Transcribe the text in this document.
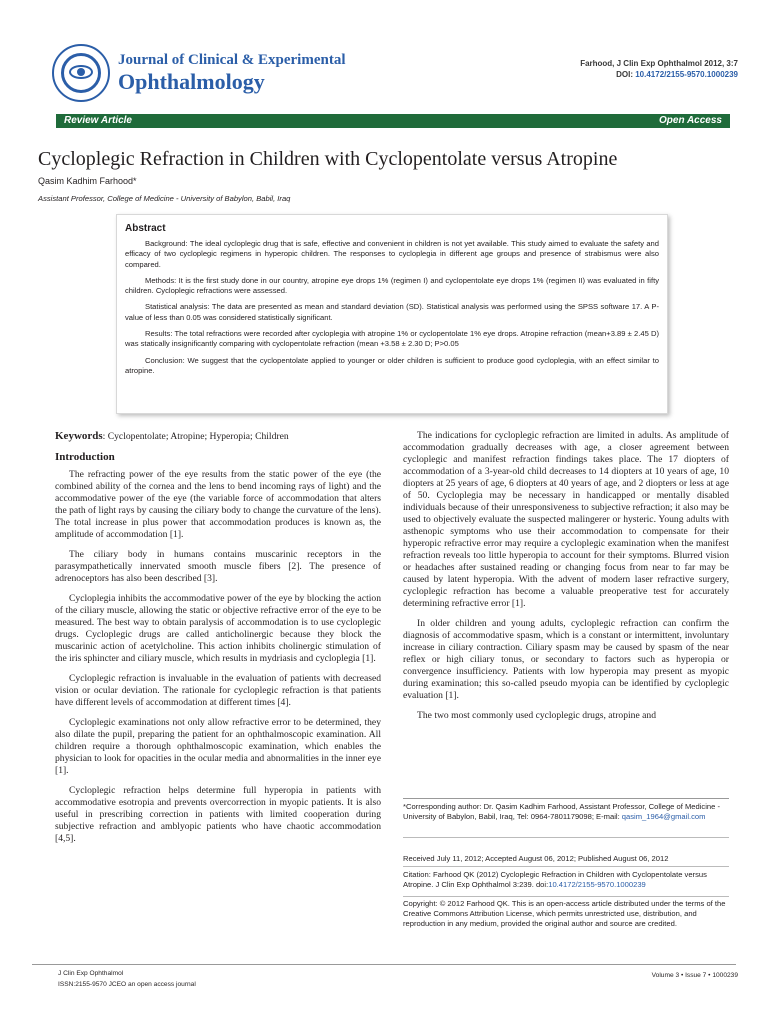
Journal of Clinical & Experimental
Ophthalmology
Farhood, J Clin Exp Ophthalmol 2012, 3:7
DOI: 10.4172/2155-9570.1000239
Review Article	Open Access
Cycloplegic Refraction in Children with Cyclopentolate versus Atropine
Qasim Kadhim Farhood*
Assistant Professor, College of Medicine - University of Babylon, Babil, Iraq
Abstract

Background: The ideal cycloplegic drug that is safe, effective and convenient in children is not yet available. This study aimed to evaluate the safety and efficacy of two cycloplegic regimens in hyperopic children. The responses to cycloplegia in different age groups and presence of strabismus were also compared.

Methods: It is the first study done in our country, atropine eye drops 1% (regimen I) and cyclopentolate eye drops 1% (regimen II) was evaluated in fifty children. Cycloplegic refractions were assessed.

Statistical analysis: The data are presented as mean and standard deviation (SD). Statistical analysis was performed using the SPSS software 17. A P-value of less than 0.05 was considered statistically significant.

Results: The total refractions were recorded after cycloplegia with atropine 1% or cyclopentolate 1% eye drops. Atropine refraction (mean+3.89 ± 2.45 D) was statically insignificantly comparing with cyclopentolate refraction (mean +3.58 ± 2.30 D; P>0.05

Conclusion: We suggest that the cyclopentolate applied to younger or older children is sufficient to produce good cycloplegia, with an effect similar to atropine.

Keywords: Cyclopentolate; Atropine; Hyperopia; Children

Introduction

The refracting power of the eye results from the static power of the eye (the combined ability of the cornea and the lens to bend incoming rays of light) and the accommodative power of the eye (the variable force of accommodation that alters the path of light rays by causing the ciliary body to change the curvature of the lens). The total increase in plus power that accommodation produces is known as, the amplitude of accommodation [1].

The ciliary body in humans contains muscarinic receptors in the parasympathetically innervated smooth muscle fibers [2]. The presence of adrenoceptors has also been described [3].

Cycloplegia inhibits the accommodative power of the eye by blocking the action of the ciliary muscle, allowing the static or objective refractive error of the eye to be measured. The best way to obtain paralysis of accommodation is to use cycloplegic drugs. Cycloplegic drugs are called anticholinergic because they block the muscarinic action of acetylcholine. This action inhibits cholinergic stimulation of the iris sphincter and ciliary muscle, which results in mydriasis and cycloplegia [1].

Cycloplegic refraction is invaluable in the evaluation of patients with decreased vision or ocular deviation. The rationale for cycloplegic refraction is that patients have different levels of accommodation at different times [4].

Cycloplegic examinations not only allow refractive error to be determined, they also dilate the pupil, preparing the patient for an ophthalmoscopic examination. All children require a thorough ophthalmoscopic examination, which enables the physician to look for opacities in the ocular media and abnormalities in the inner eye [1].

Cycloplegic refraction helps determine full hyperopia in patients with accommodative esotropia and prevents overcorrection in myopic patients. It is also useful in prescribing correction in patients with limited cooperation during subjective refraction and amblyopic patients who have chaotic accommodation [4,5].

The indications for cycloplegic refraction are limited in adults. As amplitude of accommodation gradually decreases with age, a closer agreement between cycloplegic and manifest refraction findings takes place. The 17 diopters of accommodation of a 3-year-old child decreases to 14 diopters at 10 years of age, 10 diopters at 25 years of age, 6 diopters at 40 years of age, and 2 diopters or less at age of 50. Cycloplegia may be necessary in handicapped or mentally disabled individuals because of their unresponsiveness to subjective refraction; it also may be used to objectively evaluate the suspected malingerer or hysteric. Young adults with asthenopic symptoms who use their accommodation to compensate for their hyperopic refractive error may require a cycloplegic examination when the manifest refraction reveals too little hyperopia to account for their symptoms. Blurred vision or headaches after sustained reading or changing focus from near to far may be caused by latent hyperopia. With the advent of modern laser refractive surgery, cycloplegic refraction has become a valuable preoperative test for accurately determining refractive error [1].

In older children and young adults, cycloplegic refraction can confirm the diagnosis of accommodative spasm, which is a constant or intermittent, involuntary increase in ciliary contraction. Ciliary spasm may be caused by spasm of the near reflex or high ciliary tonus, or secondary to factors such as hyperopia or convergence insufficiency. Patients with low hyperopia may present as myopic during examination; this so-called pseudo myopia can be identified by cycloplegic evaluation [1].

The two most commonly used cycloplegic drugs, atropine and

*Corresponding author: Dr. Qasim Kadhim Farhood, Assistant Professor, College of Medicine - University of Babylon, Babil, Iraq, Tel: 0964-7801179098; E-mail: qasim_1964@gmail.com
Received July 11, 2012; Accepted August 06, 2012; Published August 06, 2012
Citation: Farhood QK (2012) Cycloplegic Refraction in Children with Cyclopentolate versus Atropine. J Clin Exp Ophthalmol 3:239. doi:10.4172/2155-9570.1000239
Copyright: © 2012 Farhood QK. This is an open-access article distributed under the terms of the Creative Commons Attribution License, which permits unrestricted use, distribution, and reproduction in any medium, provided the original author and source are credited.
J Clin Exp Ophthalmol
ISSN:2155-9570 JCEO an open access journal
Volume 3 • Issue 7 • 1000239
